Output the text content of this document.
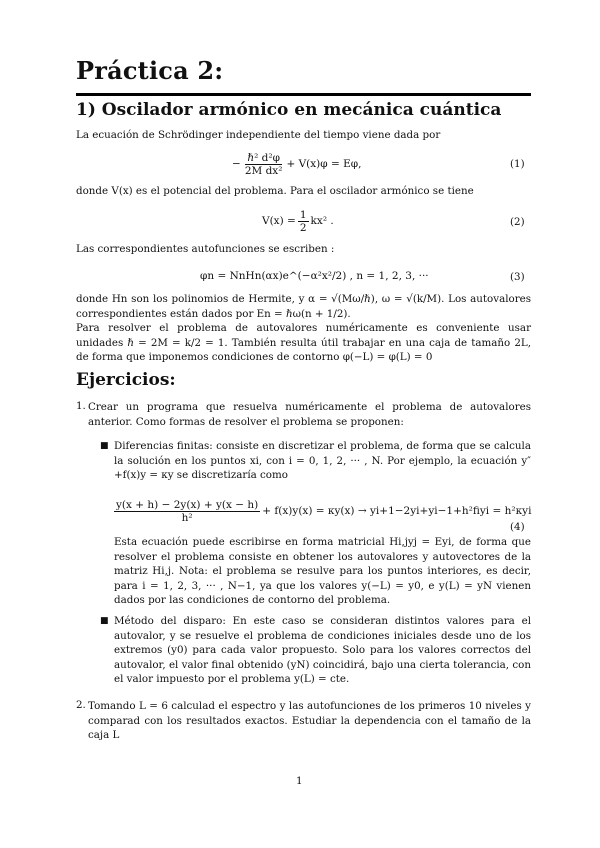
Práctica 2:
1) Oscilador armónico en mecánica cuántica
La ecuación de Schrödinger independiente del tiempo viene dada por
− $\frac{\text{ℏ² d²φ}}{\text{2M dx²}} + V(x)\varphi = E\varphi$,	(1)
donde V(x) es el potencial del problema. Para el oscilador armónico se tiene
$V(x) = \frac{1}{2} kx^2$ .	(2)
Las correspondientes autofunciones se escriben :
φn = NnHn(αx)e^(−α²x²/2) , n = 1, 2, 3, ···	(3)
donde Hn son los polinomios de Hermite, y α = √(Mω/ℏ), ω = √(k/M). Los autovalores correspondientes están dados por En = ℏω(n + 1/2).
Para resolver el problema de autovalores numéricamente es conveniente usar unidades ℏ = 2M = k/2 = 1. También resulta útil trabajar en una caja de tamaño 2L, de forma que imponemos condiciones de contorno φ(−L) = φ(L) = 0
Ejercicios:
1. Crear un programa que resuelva numéricamente el problema de autovalores anterior. Como formas de resolver el problema se proponen:
■ Diferencias finitas: consiste en discretizar el problema, de forma que se calcula la solución en los puntos xi, con i = 0, 1, 2, ··· , N. Por ejemplo, la ecuación y″+f(x)y = κy se discretizaría como
$\frac{y(x + h) - 2y(x) + y(x - h)}{\text{h²}} + f(x)y(x) = \kappa y(x)$ → yi+1−2yi+yi−1+h²fiyi = h²κyi
(4)
Esta ecuación puede escribirse en forma matricial Hi,jyj = Eyi, de forma que resolver el problema consiste en obtener los autovalores y autovectores de la matriz Hi,j. Nota: el problema se resulve para los puntos interiores, es decir, para i = 1, 2, 3, ··· , N−1, ya que los valores y(−L) = y0, e y(L) = yN vienen dados por las condiciones de contorno del problema.
■ Método del disparo: En este caso se consideran distintos valores para el autovalor, y se resuelve el problema de condiciones iniciales desde uno de los extremos (y0) para cada valor propuesto. Solo para los valores correctos del autovalor, el valor final obtenido (yN) coincidirá, bajo una cierta tolerancia, con el valor impuesto por el problema y(L) = cte.
2. Tomando L = 6 calculad el espectro y las autofunciones de los primeros 10 niveles y comparad con los resultados exactos. Estudiar la dependencia con el tamaño de la caja L
1
